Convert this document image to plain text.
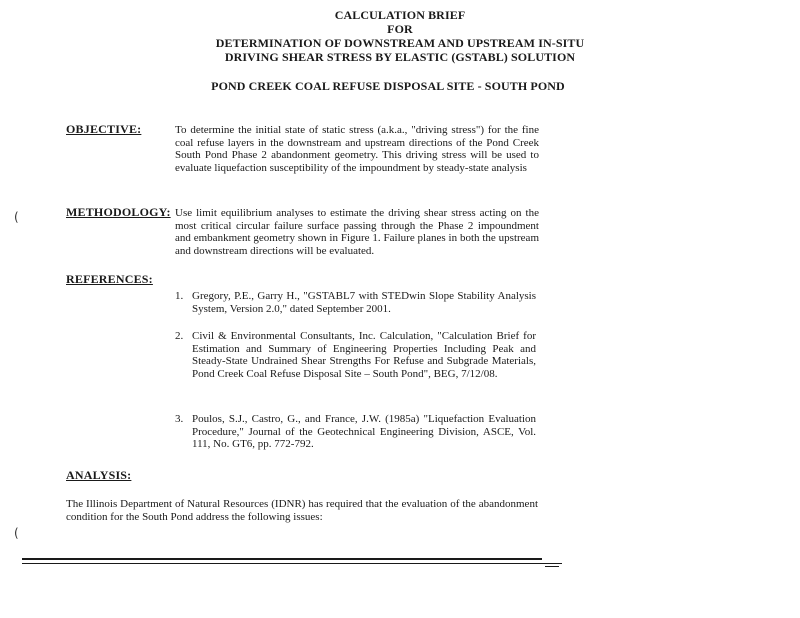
CALCULATION BRIEF
FOR
DETERMINATION OF DOWNSTREAM AND UPSTREAM IN-SITU
DRIVING SHEAR STRESS BY ELASTIC (GSTABL) SOLUTION
POND CREEK COAL REFUSE DISPOSAL SITE - SOUTH POND
OBJECTIVE:	To determine the initial state of static stress (a.k.a., "driving stress") for the fine coal refuse layers in the downstream and upstream directions of the Pond Creek South Pond Phase 2 abandonment geometry. This driving stress will be used to evaluate liquefaction susceptibility of the impoundment by steady-state analysis
METHODOLOGY: Use limit equilibrium analyses to estimate the driving shear stress acting on the most critical circular failure surface passing through the Phase 2 impoundment and embankment geometry shown in Figure 1. Failure planes in both the upstream and downstream directions will be evaluated.
REFERENCES:
1. Gregory, P.E., Garry H., "GSTABL7 with STEDwin Slope Stability Analysis System, Version 2.0," dated September 2001.
2. Civil & Environmental Consultants, Inc. Calculation, "Calculation Brief for Estimation and Summary of Engineering Properties Including Peak and Steady-State Undrained Shear Strengths For Refuse and Subgrade Materials, Pond Creek Coal Refuse Disposal Site – South Pond", BEG, 7/12/08.
3. Poulos, S.J., Castro, G., and France, J.W. (1985a) "Liquefaction Evaluation Procedure," Journal of the Geotechnical Engineering Division, ASCE, Vol. 111, No. GT6, pp. 772-792.
ANALYSIS:
The Illinois Department of Natural Resources (IDNR) has required that the evaluation of the abandonment condition for the South Pond address the following issues:
(
(
